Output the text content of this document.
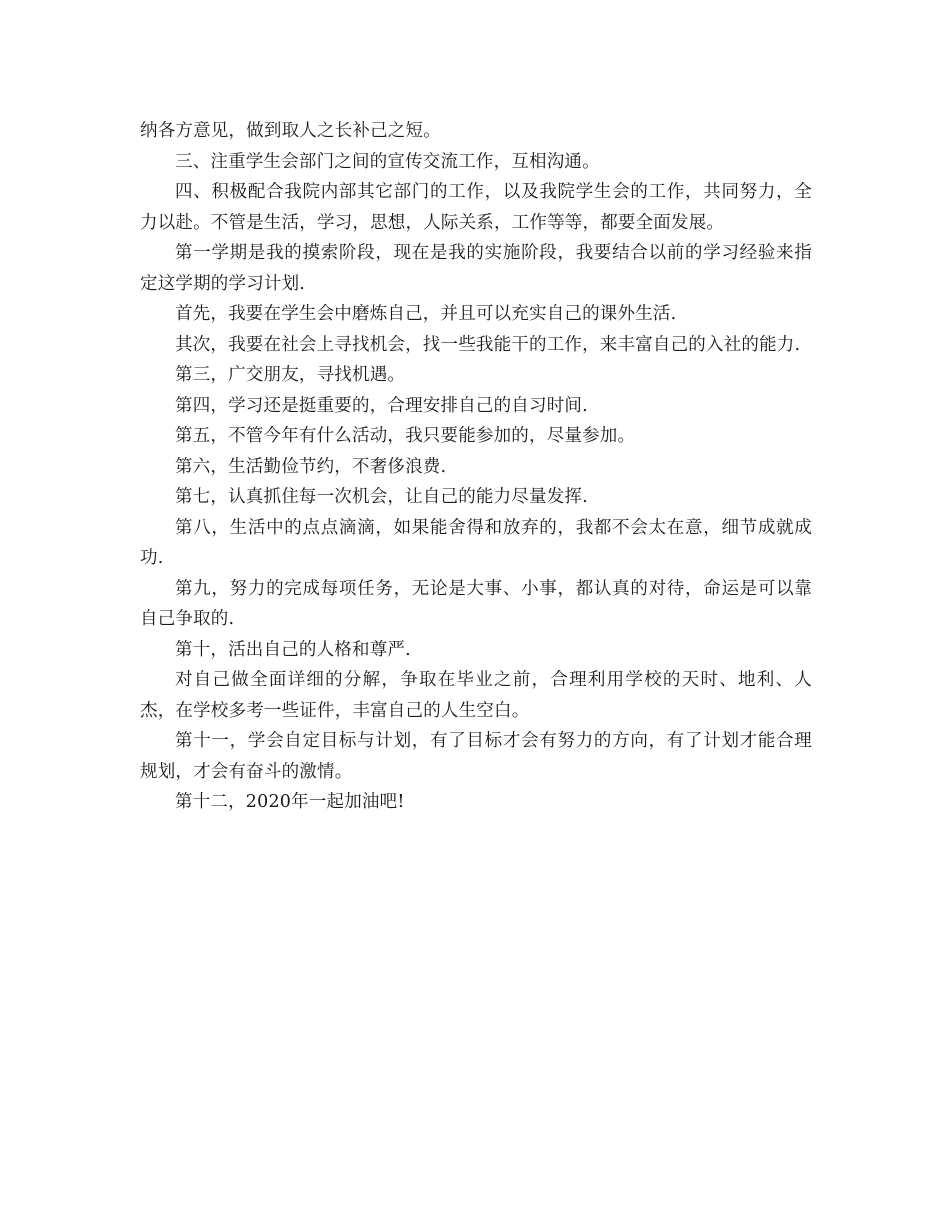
纳各方意见，做到取人之长补己之短。

三、注重学生会部门之间的宣传交流工作，互相沟通。

四、积极配合我院内部其它部门的工作，以及我院学生会的工作，共同努力，全力以赴。不管是生活，学习，思想，人际关系，工作等等，都要全面发展。

第一学期是我的摸索阶段，现在是我的实施阶段，我要结合以前的学习经验来指定这学期的学习计划.

首先，我要在学生会中磨炼自己，并且可以充实自己的课外生活.

其次，我要在社会上寻找机会，找一些我能干的工作，来丰富自己的入社的能力.

第三，广交朋友，寻找机遇。

第四，学习还是挺重要的，合理安排自己的自习时间.

第五，不管今年有什么活动，我只要能参加的，尽量参加。

第六，生活勤俭节约，不奢侈浪费.

第七，认真抓住每一次机会，让自己的能力尽量发挥.

第八，生活中的点点滴滴，如果能舍得和放弃的，我都不会太在意，细节成就成功.

第九，努力的完成每项任务，无论是大事、小事，都认真的对待，命运是可以靠自己争取的.

第十，活出自己的人格和尊严.

对自己做全面详细的分解，争取在毕业之前，合理利用学校的天时、地利、人杰，在学校多考一些证件，丰富自己的人生空白。

第十一，学会自定目标与计划，有了目标才会有努力的方向，有了计划才能合理规划，才会有奋斗的激情。

第十二，2020年一起加油吧!
